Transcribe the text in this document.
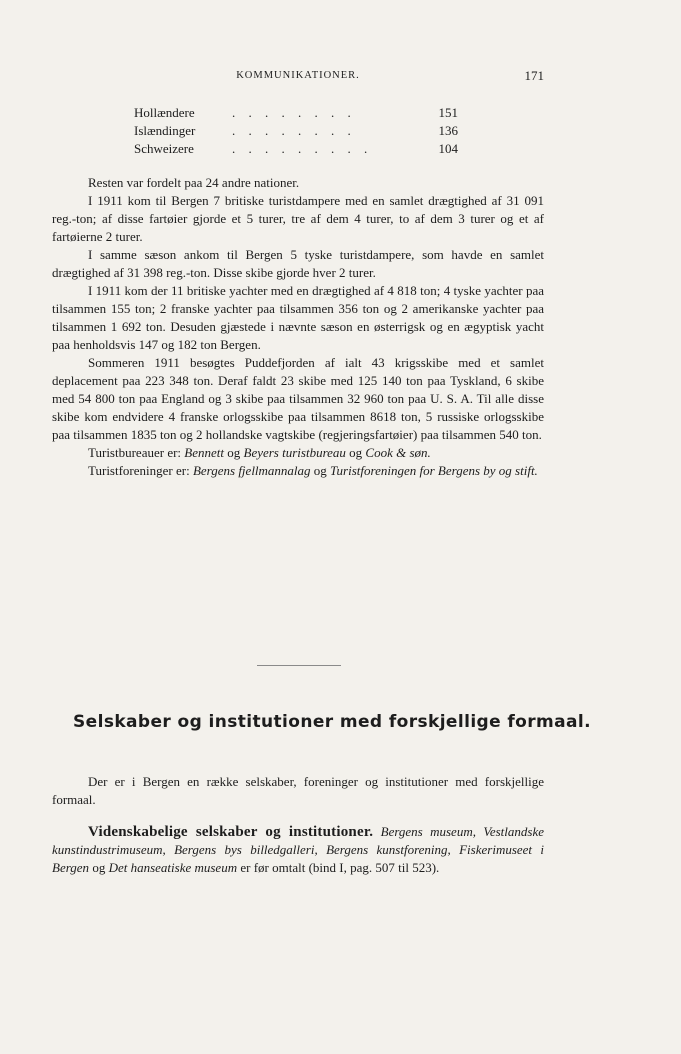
KOMMUNIKATIONER.	171
Hollændere	. . . . . . . .	151
Islændinger	. . . . . . . .	136
Schweizere	. . . . . . . . .	104

Resten var fordelt paa 24 andre nationer.

I 1911 kom til Bergen 7 britiske turistdampere med en samlet drægtighed af 31 091 reg.-ton; af disse fartøier gjorde et 5 turer, tre af dem 4 turer, to af dem 3 turer og et af fartøierne 2 turer.

I samme sæson ankom til Bergen 5 tyske turistdampere, som havde en samlet drægtighed af 31 398 reg.-ton. Disse skibe gjorde hver 2 turer.

I 1911 kom der 11 britiske yachter med en drægtighed af 4 818 ton; 4 tyske yachter paa tilsammen 155 ton; 2 franske yachter paa tilsammen 356 ton og 2 amerikanske yachter paa tilsammen 1 692 ton. Desuden gjæstede i nævnte sæson en østerrigsk og en ægyptisk yacht paa henholdsvis 147 og 182 ton Bergen.

Sommeren 1911 besøgtes Puddefjorden af ialt 43 krigsskibe med et samlet deplacement paa 223 348 ton. Deraf faldt 23 skibe med 125 140 ton paa Tyskland, 6 skibe med 54 800 ton paa England og 3 skibe paa tilsammen 32 960 ton paa U. S. A. Til alle disse skibe kom endvidere 4 franske orlogsskibe paa tilsammen 8618 ton, 5 russiske orlogsskibe paa tilsammen 1835 ton og 2 hollandske vagtskibe (regjeringsfartøier) paa tilsammen 540 ton.

Turistbureauer er: Bennett og Beyers turistbureau og Cook & søn.

Turistforeninger er: Bergens fjellmannalag og Turistforeningen for Bergens by og stift.

Selskaber og institutioner med forskjellige formaal.

Der er i Bergen en række selskaber, foreninger og institutioner med forskjellige formaal.

Videnskabelige selskaber og institutioner. Bergens museum, Vestlandske kunstindustrimuseum, Bergens bys billedgalleri, Bergens kunstforening, Fiskerimuseet i Bergen og Det hanseatiske museum er før omtalt (bind I, pag. 507 til 523).
